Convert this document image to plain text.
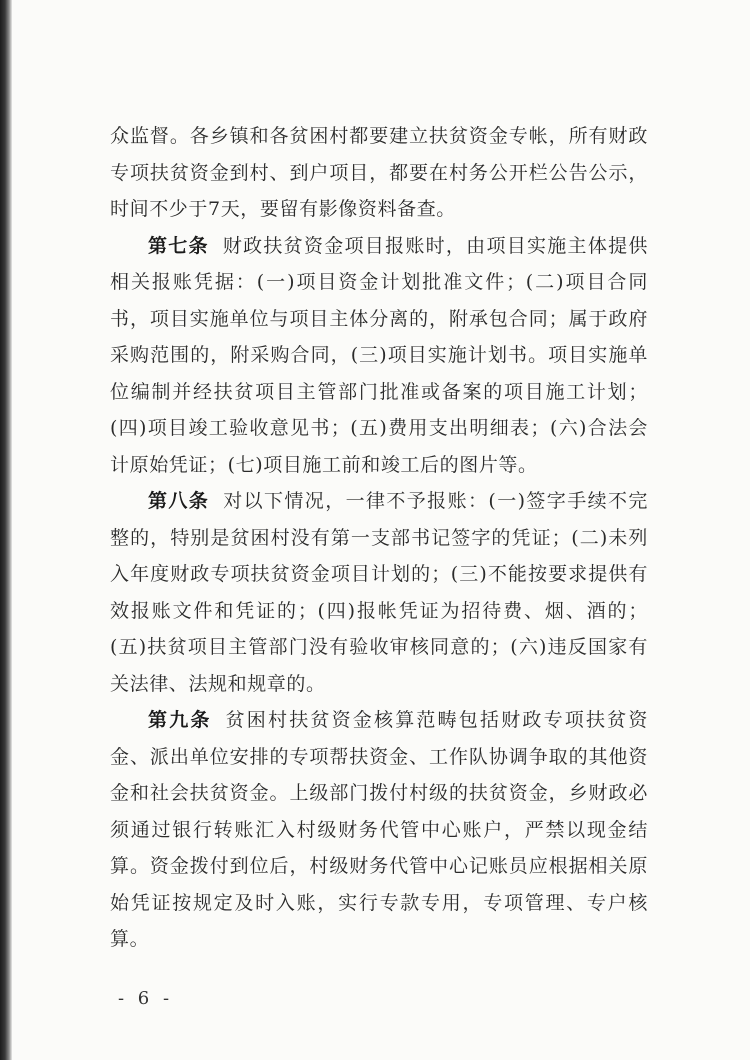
众监督。各乡镇和各贫困村都要建立扶贫资金专帐，所有财政专项扶贫资金到村、到户项目，都要在村务公开栏公告公示，时间不少于7天，要留有影像资料备查。

第七条 财政扶贫资金项目报账时，由项目实施主体提供相关报账凭据：(一)项目资金计划批准文件；(二)项目合同书，项目实施单位与项目主体分离的，附承包合同；属于政府采购范围的，附采购合同，(三)项目实施计划书。项目实施单位编制并经扶贫项目主管部门批准或备案的项目施工计划；(四)项目竣工验收意见书；(五)费用支出明细表；(六)合法会计原始凭证；(七)项目施工前和竣工后的图片等。

第八条 对以下情况，一律不予报账：(一)签字手续不完整的，特别是贫困村没有第一支部书记签字的凭证；(二)未列入年度财政专项扶贫资金项目计划的；(三)不能按要求提供有效报账文件和凭证的；(四)报帐凭证为招待费、烟、酒的；(五)扶贫项目主管部门没有验收审核同意的；(六)违反国家有关法律、法规和规章的。

第九条 贫困村扶贫资金核算范畴包括财政专项扶贫资金、派出单位安排的专项帮扶资金、工作队协调争取的其他资金和社会扶贫资金。上级部门拨付村级的扶贫资金，乡财政必须通过银行转账汇入村级财务代管中心账户，严禁以现金结算。资金拨付到位后，村级财务代管中心记账员应根据相关原始凭证按规定及时入账，实行专款专用，专项管理、专户核算。

- 6 -
